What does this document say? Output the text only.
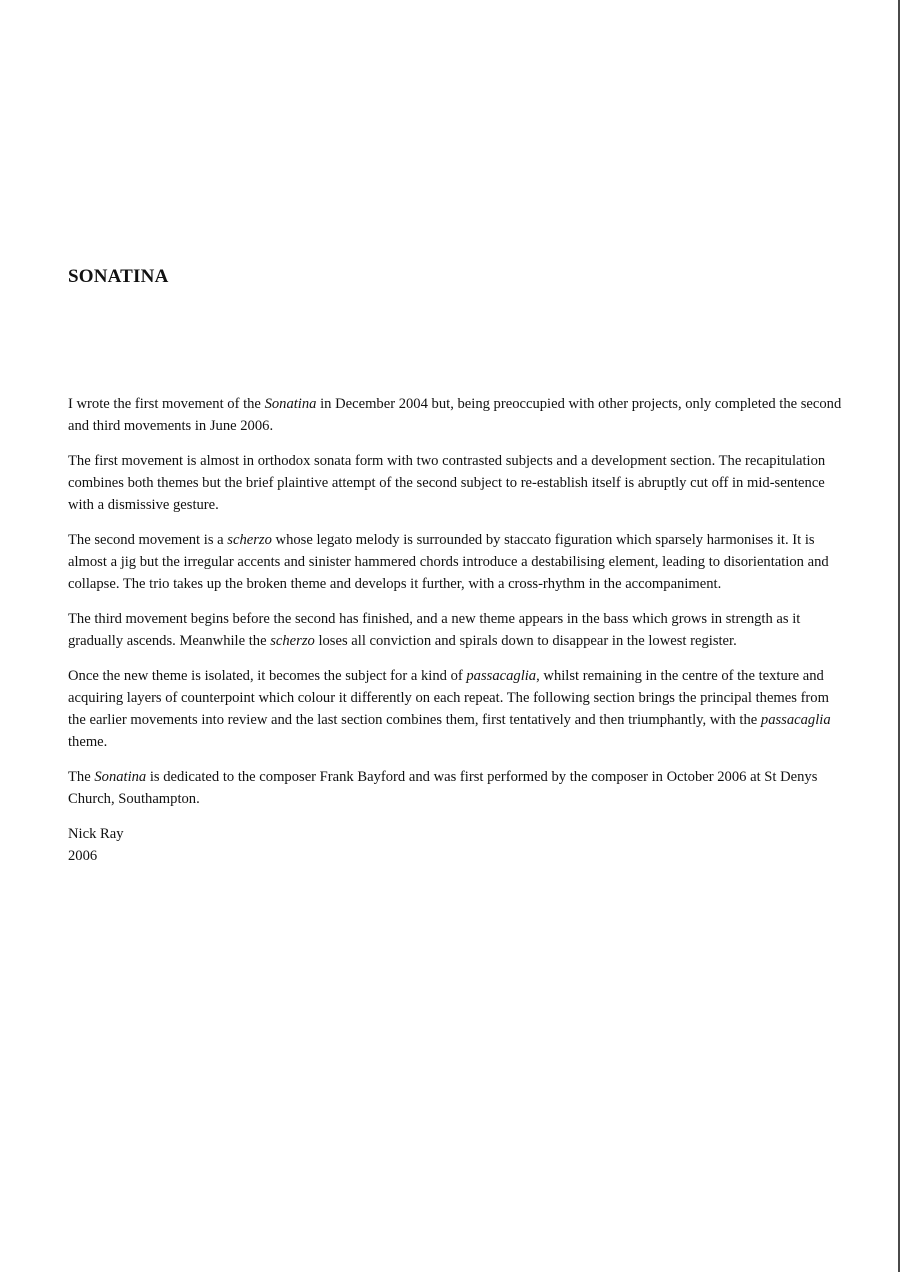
SONATINA

I wrote the first movement of the Sonatina in December 2004 but, being preoccupied with other projects, only completed the second and third movements in June 2006.

The first movement is almost in orthodox sonata form with two contrasted subjects and a development section. The recapitulation combines both themes but the brief plaintive attempt of the second subject to re-establish itself is abruptly cut off in mid-sentence with a dismissive gesture.

The second movement is a scherzo whose legato melody is surrounded by staccato figuration which sparsely harmonises it. It is almost a jig but the irregular accents and sinister hammered chords introduce a destabilising element, leading to disorientation and collapse. The trio takes up the broken theme and develops it further, with a cross-rhythm in the accompaniment.

The third movement begins before the second has finished, and a new theme appears in the bass which grows in strength as it gradually ascends. Meanwhile the scherzo loses all conviction and spirals down to disappear in the lowest register.

Once the new theme is isolated, it becomes the subject for a kind of passacaglia, whilst remaining in the centre of the texture and acquiring layers of counterpoint which colour it differently on each repeat. The following section brings the principal themes from the earlier movements into review and the last section combines them, first tentatively and then triumphantly, with the passacaglia theme.

The Sonatina is dedicated to the composer Frank Bayford and was first performed by the composer in October 2006 at St Denys Church, Southampton.

Nick Ray
2006
